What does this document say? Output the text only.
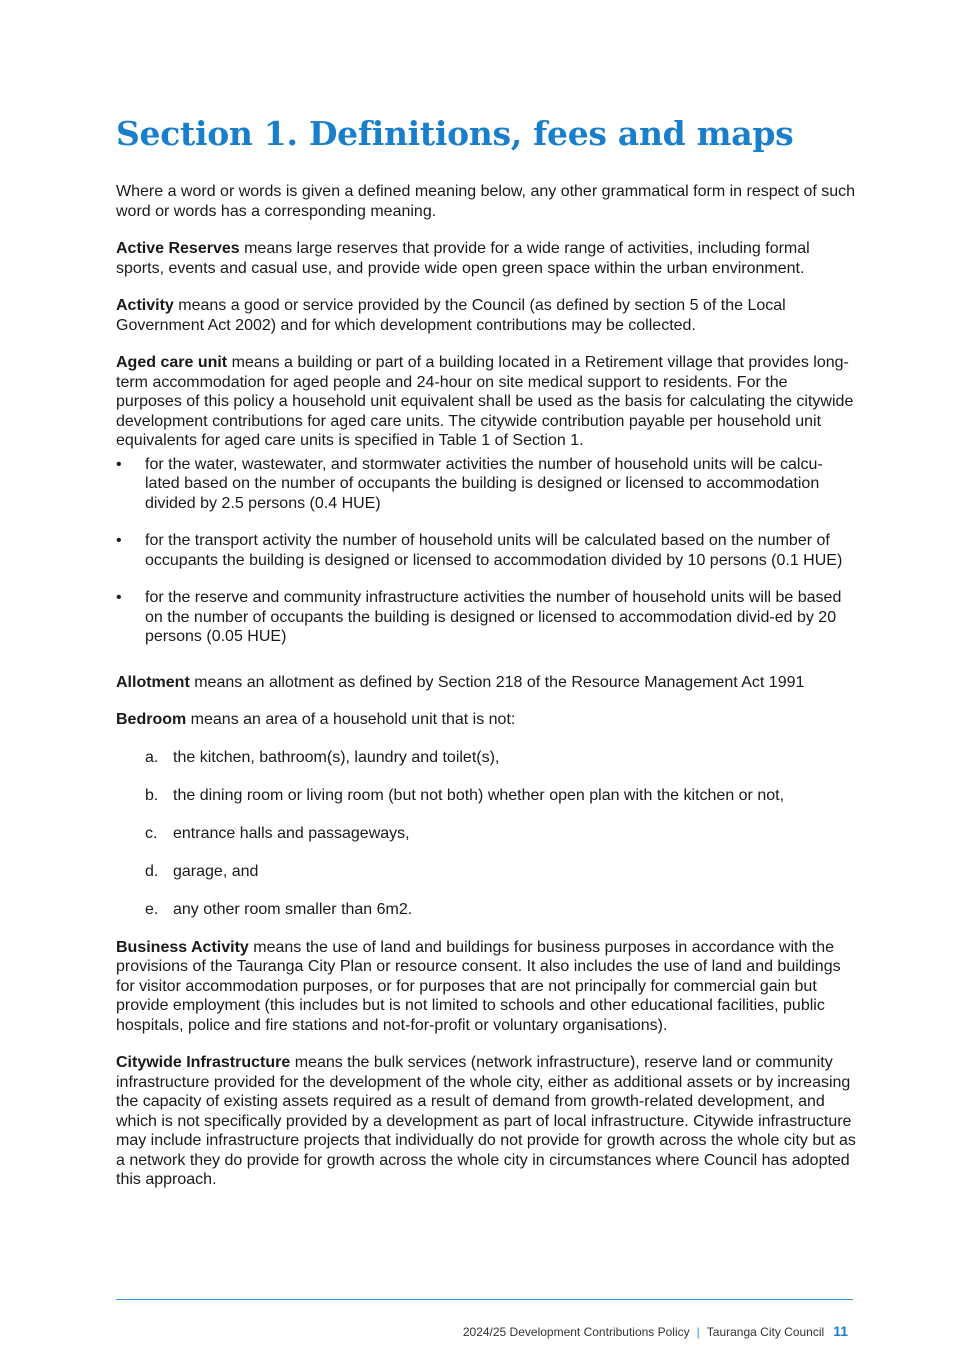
Section 1. Definitions, fees and maps

Where a word or words is given a defined meaning below, any other grammatical form in respect of such word or words has a corresponding meaning.

Active Reserves means large reserves that provide for a wide range of activities, including formal sports, events and casual use, and provide wide open green space within the urban environment.

Activity means a good or service provided by the Council (as defined by section 5 of the Local Government Act 2002) and for which development contributions may be collected.

Aged care unit means a building or part of a building located in a Retirement village that provides long-term accommodation for aged people and 24-hour on site medical support to residents. For the purposes of this policy a household unit equivalent shall be used as the basis for calculating the citywide development contributions for aged care units. The citywide contribution payable per household unit equivalents for aged care units is specified in Table 1 of Section 1.

• for the water, wastewater, and stormwater activities the number of household units will be calcu-lated based on the number of occupants the building is designed or licensed to accommodation divided by 2.5 persons (0.4 HUE)
• for the transport activity the number of household units will be calculated based on the number of occupants the building is designed or licensed to accommodation divided by 10 persons (0.1 HUE)
• for the reserve and community infrastructure activities the number of household units will be based on the number of occupants the building is designed or licensed to accommodation divid-ed by 20 persons (0.05 HUE)

Allotment means an allotment as defined by Section 218 of the Resource Management Act 1991

Bedroom means an area of a household unit that is not:

a. the kitchen, bathroom(s), laundry and toilet(s),
b. the dining room or living room (but not both) whether open plan with the kitchen or not,
c. entrance halls and passageways,
d. garage, and
e. any other room smaller than 6m2.

Business Activity means the use of land and buildings for business purposes in accordance with the provisions of the Tauranga City Plan or resource consent. It also includes the use of land and buildings for visitor accommodation purposes, or for purposes that are not principally for commercial gain but provide employment (this includes but is not limited to schools and other educational facilities, public hospitals, police and fire stations and not-for-profit or voluntary organisations).

Citywide Infrastructure means the bulk services (network infrastructure), reserve land or community infrastructure provided for the development of the whole city, either as additional assets or by increasing the capacity of existing assets required as a result of demand from growth-related development, and which is not specifically provided by a development as part of local infrastructure. Citywide infrastructure may include infrastructure projects that individually do not provide for growth across the whole city but as a network they do provide for growth across the whole city in circumstances where Council has adopted this approach.

2024/25 Development Contributions Policy | Tauranga City Council 11
